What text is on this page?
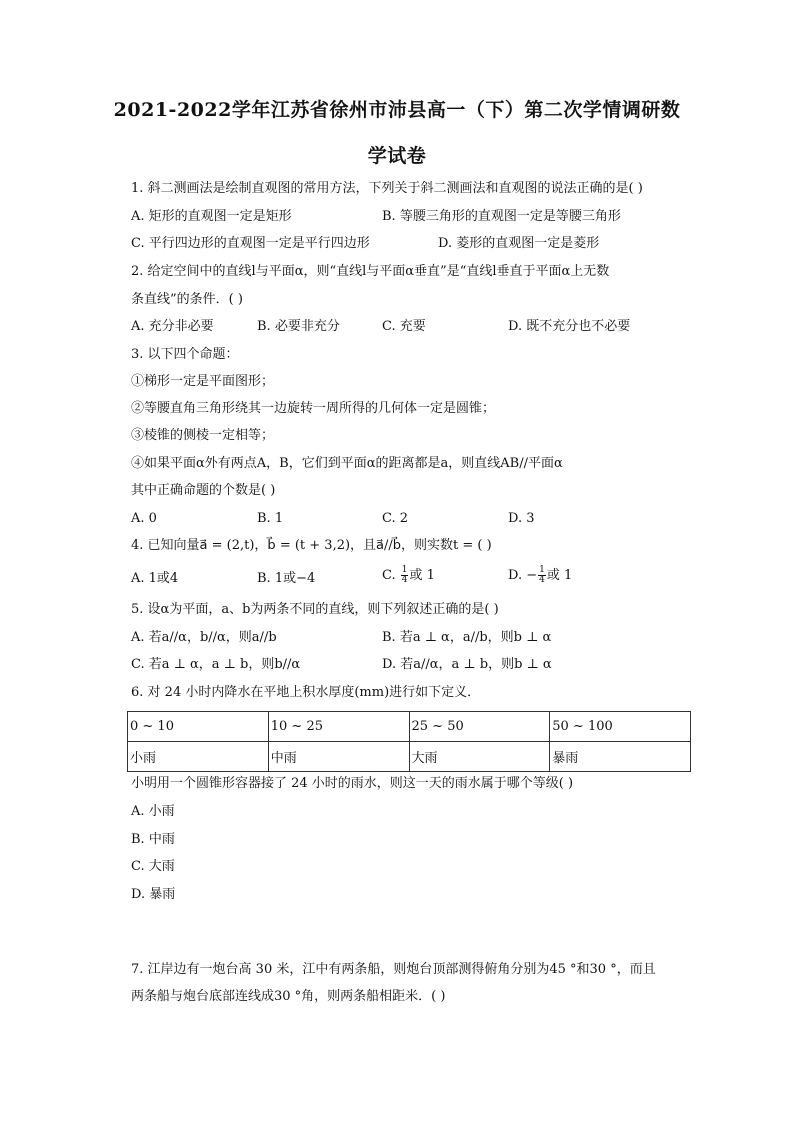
2021-2022学年江苏省徐州市沛县高一（下）第二次学情调研数
学试卷
1. 斜二测画法是绘制直观图的常用方法，下列关于斜二测画法和直观图的说法正确的是( )
A. 矩形的直观图一定是矩形	B. 等腰三角形的直观图一定是等腰三角形
C. 平行四边形的直观图一定是平行四边形	D. 菱形的直观图一定是菱形
2. 给定空间中的直线l与平面α，则“直线l与平面α垂直”是“直线l垂直于平面α上无数
条直线”的条件．( )
A. 充分非必要	B. 必要非充分	C. 充要	D. 既不充分也不必要
3. 以下四个命题：
①梯形一定是平面图形；
②等腰直角三角形绕其一边旋转一周所得的几何体一定是圆锥；
③棱锥的侧棱一定相等；
④如果平面α外有两点A，B，它们到平面α的距离都是a，则直线AB//平面α
其中正确命题的个数是( )
A. 0	B. 1	C. 2	D. 3
4. 已知向量a⃗ = (2,t)，b⃗ = (t + 3,2)，且a⃗//b⃗，则实数t = ( )
A. 1或4	B. 1或−4	C. $\frac{1}{4}$ 或 1	D. − $\frac{1}{4}$ 或 1
5. 设α为平面，a、b为两条不同的直线，则下列叙述正确的是( )
A. 若a//α，b//α，则a//b	B. 若a ⊥ α，a//b，则b ⊥ α
C. 若a ⊥ α，a ⊥ b，则b//α	D. 若a//α，a ⊥ b，则b ⊥ α
6. 对 24 小时内降水在平地上积水厚度(mm)进行如下定义．
0 ~ 10	10 ~ 25	25 ~ 50	50 ~ 100
小雨	中雨	大雨	暴雨
小明用一个圆锥形容器接了 24 小时的雨水，则这一天的雨水属于哪个等级( )
A. 小雨
B. 中雨
C. 大雨
D. 暴雨
7. 江岸边有一炮台高 30 米，江中有两条船，则炮台顶部测得俯角分别为45 °和30 °，而且
两条船与炮台底部连线成30 °角，则两条船相距米．( )
